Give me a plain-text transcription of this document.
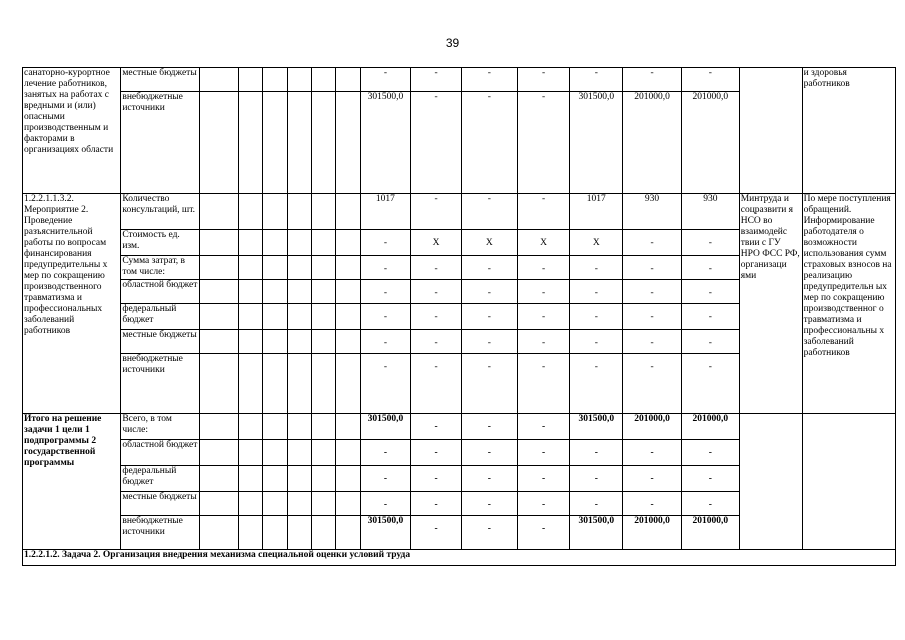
39
санаторно-курортное лечение работников, занятых на работах с вредными и (или) опасными производственным и факторами в организациях области	местные бюджеты							-	-	-	-	-	-	-		и здоровья работников
	внебюджетные источники							301500,0	-	-	-	301500,0	201000,0	201000,0		

1.2.2.1.1.3.2. Мероприятие 2. Проведение разъяснительной работы по вопросам финансирования предупредительны х мер по сокращению производственного травматизма и профессиональных заболеваний работников	Количество консультаций, шт.							1017	-	-	-	1017	930	930	Минтруда и соцразвити я НСО во взаимодейс твии с ГУ НРО ФСС РФ, организаци ями	По мере поступления обращений. Информирование работодателя о возможности использования сумм страховых взносов на реализацию предупредительн ых мер по сокращению производственног о травматизма и профессиональны х заболеваний работников
	Стоимость ед. изм.							-	X	X	X	X	-	-		

	Сумма затрат, в том числе:							-	-	-	-	-	-	-		

	областной бюджет							-	-	-	-	-	-	-		

	федеральный бюджет							-	-	-	-	-	-	-		

	местные бюджеты							-	-	-	-	-	-	-		

	внебюджетные источники							-	-	-	-	-	-	-		

Итого на решение задачи 1 цели 1 подпрограммы 2 государственной программы	Всего, в том числе:							301500,0	-	-	-	301500,0	201000,0	201000,0		

	областной бюджет							-	-	-	-	-	-	-		

	федеральный бюджет							-	-	-	-	-	-	-		

	местные бюджеты							-	-	-	-	-	-	-		

	внебюджетные источники							301500,0	-	-	-	301500,0	201000,0	201000,0		

1.2.2.1.2. Задача 2. Организация внедрения механизма специальной оценки условий труда																
